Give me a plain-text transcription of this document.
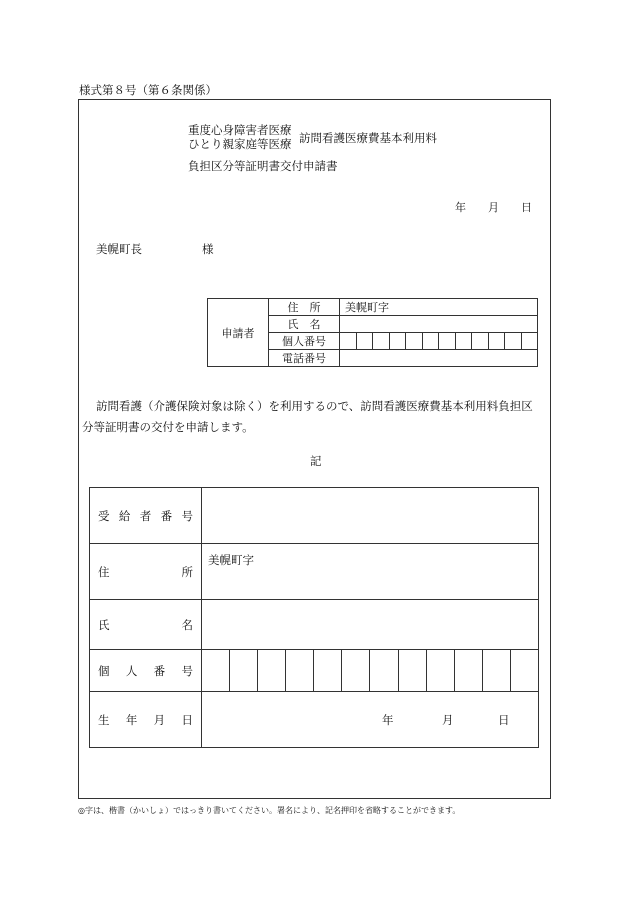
様式第８号（第６条関係）
重度心身障害者医療
ひとり親家庭等医療 訪問看護医療費基本利用料
負担区分等証明書交付申請書
年 月 日
美幌町長	様
申請者	住　所	美幌町字
	氏　名	
	個人番号	

	電話番号	
訪問看護（介護保険対象は除く）を利用するので、訪問看護医療費基本利用料負担区
分等証明書の交付を申請します。
記
受 給 者 番 号	

住 所	美幌町字

氏 名	

個 人 番 号	

生 年 月 日	年 月 日
◎字は、楷書（かいしょ）ではっきり書いてください。署名により、記名押印を省略することができます。
